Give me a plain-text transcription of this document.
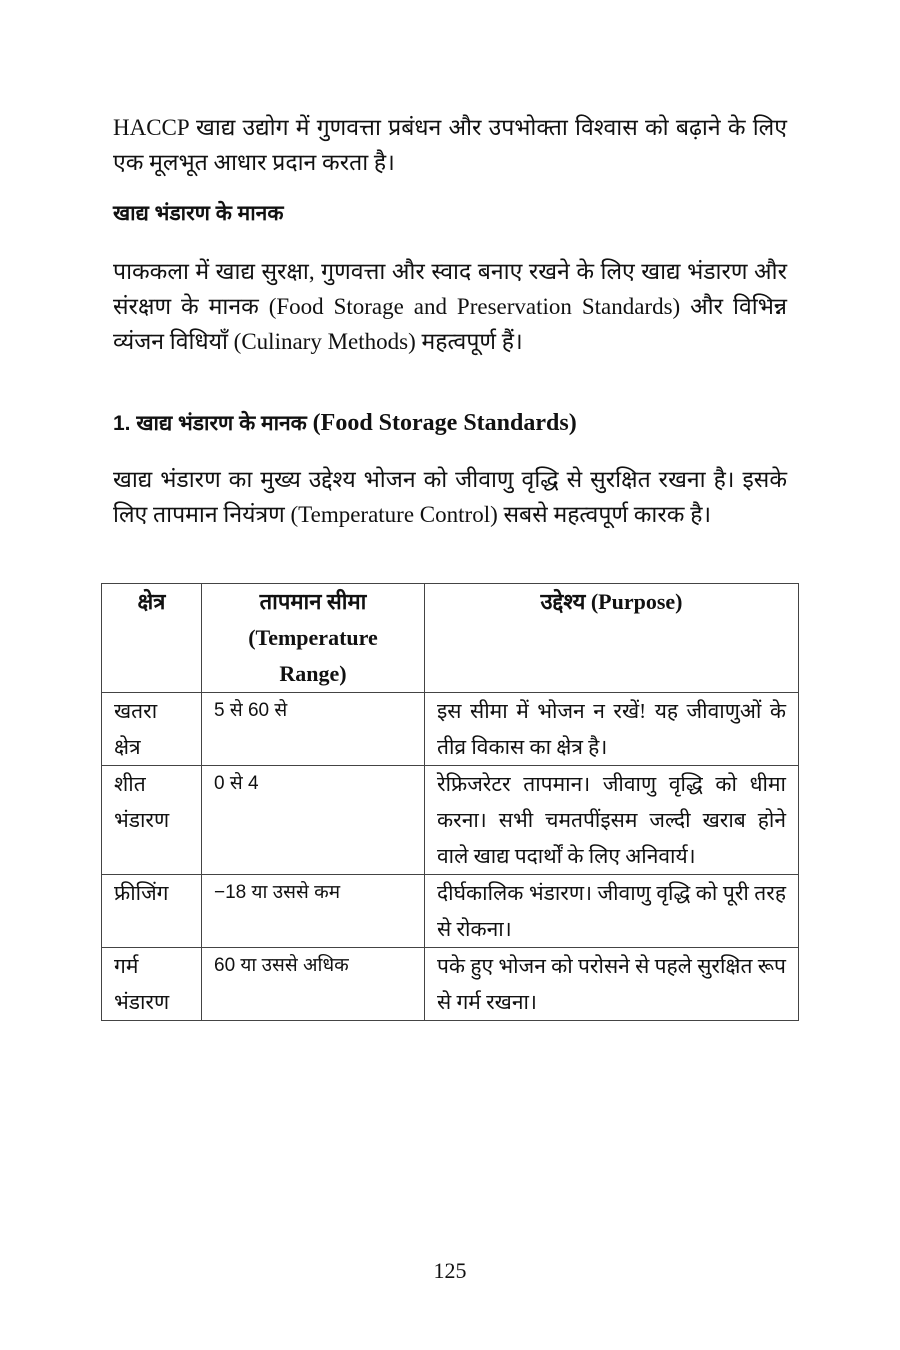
HACCP खाद्य उद्योग में गुणवत्ता प्रबंधन और उपभोक्ता विश्वास को बढ़ाने के लिए एक मूलभूत आधार प्रदान करता है।

खाद्य भंडारण के मानक

पाककला में खाद्य सुरक्षा, गुणवत्ता और स्वाद बनाए रखने के लिए खाद्य भंडारण और संरक्षण के मानक (Food Storage and Preservation Standards) और विभिन्न व्यंजन विधियाँ (Culinary Methods) महत्वपूर्ण हैं।

1. खाद्य भंडारण के मानक (Food Storage Standards)

खाद्य भंडारण का मुख्य उद्देश्य भोजन को जीवाणु वृद्धि से सुरक्षित रखना है। इसके लिए तापमान नियंत्रण (Temperature Control) सबसे महत्वपूर्ण कारक है।

क्षेत्र	तापमान सीमा (Temperature Range)	उद्देश्य (Purpose)
खतरा क्षेत्र	5 से 60 से	इस सीमा में भोजन न रखें! यह जीवाणुओं के तीव्र विकास का क्षेत्र है।
शीत भंडारण	0 से 4	रेफ्रिजरेटर तापमान। जीवाणु वृद्धि को धीमा करना। सभी चमतपींइसम जल्दी खराब होने वाले खाद्य पदार्थों के लिए अनिवार्य।
फ्रीजिंग	−18 या उससे कम	दीर्घकालिक भंडारण। जीवाणु वृद्धि को पूरी तरह से रोकना।
गर्म भंडारण	60 या उससे अधिक	पके हुए भोजन को परोसने से पहले सुरक्षित रूप से गर्म रखना।
125
